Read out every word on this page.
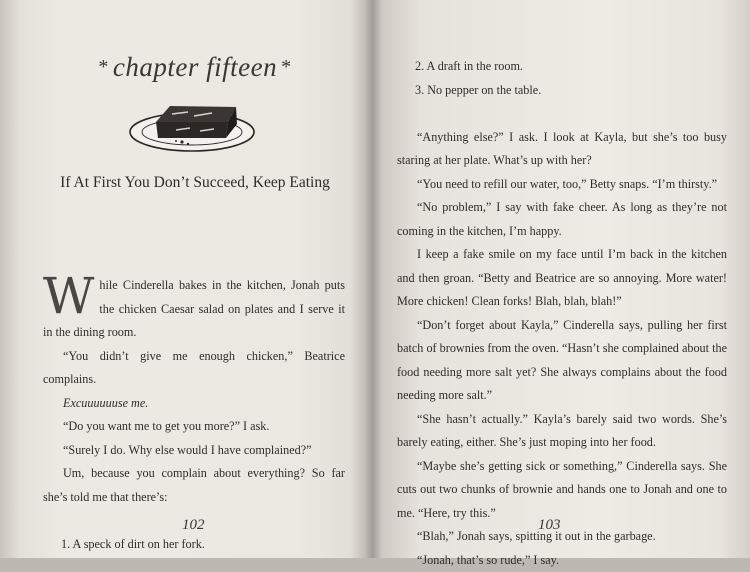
* chapter fifteen *
If At First You Don’t Succeed, Keep Eating

While Cinderella bakes in the kitchen, Jonah puts the chicken Caesar salad on plates and I serve it in the dining room.

“You didn’t give me enough chicken,” Beatrice complains.

Excuuuuuuse me.

“Do you want me to get you more?” I ask.

“Surely I do. Why else would I have complained?”

Um, because you complain about everything? So far she’s told me that there’s:

1. A speck of dirt on her fork.

102

2. A draft in the room.

3. No pepper on the table.

“Anything else?” I ask. I look at Kayla, but she’s too busy staring at her plate. What’s up with her?

“You need to refill our water, too,” Betty snaps. “I’m thirsty.”

“No problem,” I say with fake cheer. As long as they’re not coming in the kitchen, I’m happy.

I keep a fake smile on my face until I’m back in the kitchen and then groan. “Betty and Beatrice are so annoying. More water! More chicken! Clean forks! Blah, blah, blah!”

“Don’t forget about Kayla,” Cinderella says, pulling her first batch of brownies from the oven. “Hasn’t she complained about the food needing more salt yet? She always complains about the food needing more salt.”

“She hasn’t actually.” Kayla’s barely said two words. She’s barely eating, either. She’s just moping into her food.

“Maybe she’s getting sick or something,” Cinderella says. She cuts out two chunks of brownie and hands one to Jonah and one to me. “Here, try this.”

“Blah,” Jonah says, spitting it out in the garbage.

“Jonah, that’s so rude,” I say.

103
